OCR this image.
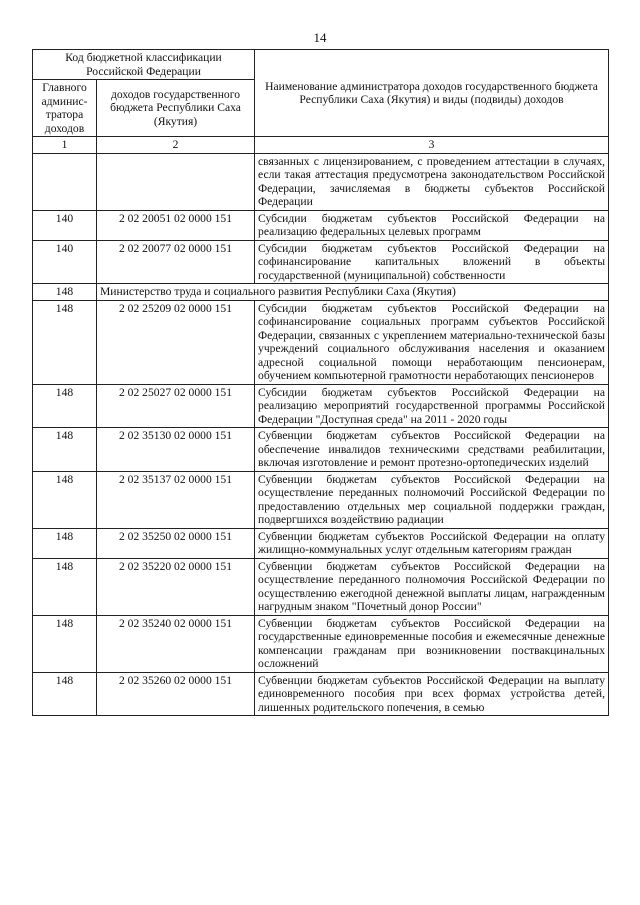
14
Код бюджетной классификации Российской Федерации		Наименование администратора доходов государственного бюджета Республики Саха (Якутия) и виды (подвиды) доходов
Главного админис-тратора доходов	доходов государственного бюджета Республики Саха (Якутия)	
1	2	3
		связанных с лицензированием, с проведением аттестации в случаях, если такая аттестация предусмотрена законодательством Российской Федерации, зачисляемая в бюджеты субъектов Российской Федерации
140	2 02 20051 02 0000 151	Субсидии бюджетам субъектов Российской Федерации на реализацию федеральных целевых программ
140	2 02 20077 02 0000 151	Субсидии бюджетам субъектов Российской Федерации на софинансирование капитальных вложений в объекты государственной (муниципальной) собственности
148	Министерство труда и социального развития Республики Саха (Якутия)	
148	2 02 25209 02 0000 151	Субсидии бюджетам субъектов Российской Федерации на софинансирование социальных программ субъектов Российской Федерации, связанных с укреплением материально-технической базы учреждений социального обслуживания населения и оказанием адресной социальной помощи неработающим пенсионерам, обучением компьютерной грамотности неработающих пенсионеров
148	2 02 25027 02 0000 151	Субсидии бюджетам субъектов Российской Федерации на реализацию мероприятий государственной программы Российской Федерации "Доступная среда" на 2011 - 2020 годы
148	2 02 35130 02 0000 151	Субвенции бюджетам субъектов Российской Федерации на обеспечение инвалидов техническими средствами реабилитации, включая изготовление и ремонт протезно-ортопедических изделий
148	2 02 35137 02 0000 151	Субвенции бюджетам субъектов Российской Федерации на осуществление переданных полномочий Российской Федерации по предоставлению отдельных мер социальной поддержки граждан, подвергшихся воздействию радиации
148	2 02 35250 02 0000 151	Субвенции бюджетам субъектов Российской Федерации на оплату жилищно-коммунальных услуг отдельным категориям граждан
148	2 02 35220 02 0000 151	Субвенции бюджетам субъектов Российской Федерации на осуществление переданного полномочия Российской Федерации по осуществлению ежегодной денежной выплаты лицам, награжденным нагрудным знаком "Почетный донор России"
148	2 02 35240 02 0000 151	Субвенции бюджетам субъектов Российской Федерации на государственные единовременные пособия и ежемесячные денежные компенсации гражданам при возникновении поствакцинальных осложнений
148	2 02 35260 02 0000 151	Субвенции бюджетам субъектов Российской Федерации на выплату единовременного пособия при всех формах устройства детей, лишенных родительского попечения, в семью
